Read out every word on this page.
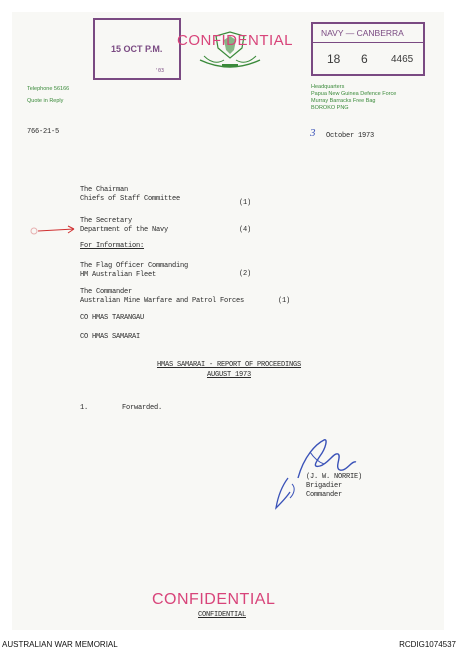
15 OCT P.M.
'03
CONFIDENTIAL	NAVY — CANBERRA
18 6 4465
Telephone 56166
Quote in Reply
Headquarters
Papua New Guinea Defence Force
Murray Barracks Free Bag
BOROKO PNG
766-21-5	3 October 1973
The Chairman
Chiefs of Staff Committee	(1)
The Secretary
Department of the Navy	(4)
For Information:
The Flag Officer Commanding
HM Australian Fleet	(2)
The Commander
Australian Mine Warfare and Patrol Forces	(1)
CO HMAS TARANGAU
CO HMAS SAMARAI
HMAS SAMARAI - REPORT OF PROCEEDINGS
AUGUST 1973
1.	Forwarded.
(J. W. NORRIE)
Brigadier
Commander
CONFIDENTIAL
CONFIDENTIAL
AUSTRALIAN WAR MEMORIAL	RCDIG1074537
